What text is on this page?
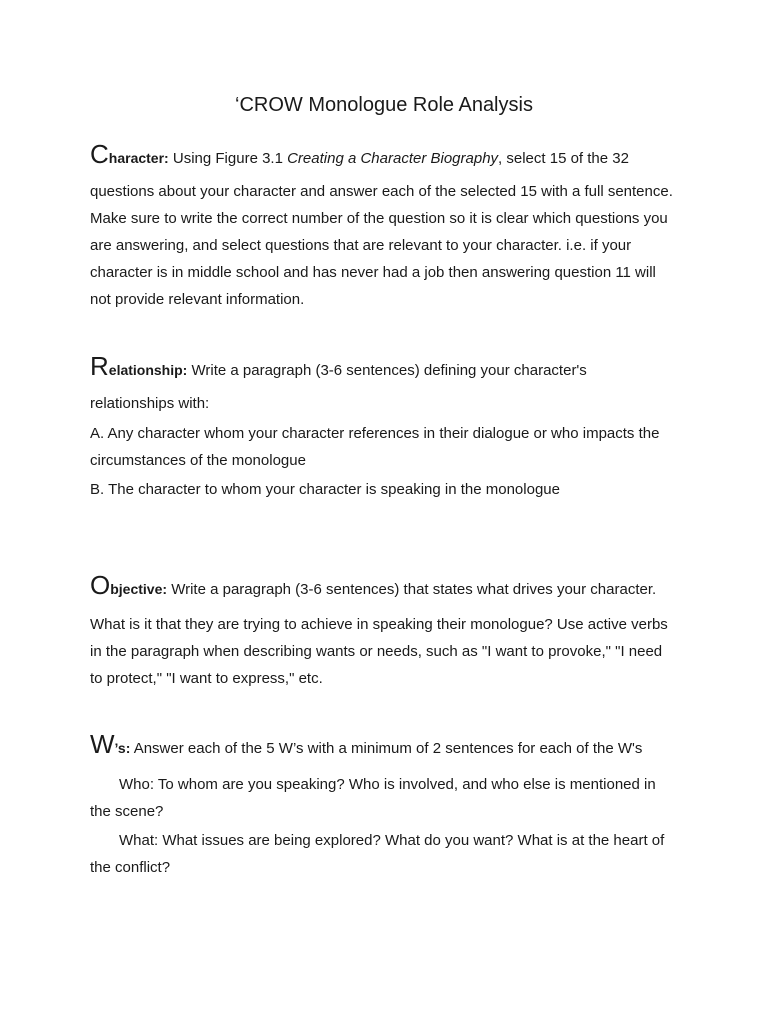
‘CROW Monologue Role Analysis
Character: Using Figure 3.1 Creating a Character Biography, select 15 of the 32
questions about your character and answer each of the selected 15 with a full sentence.
Make sure to write the correct number of the question so it is clear which questions you
are answering, and select questions that are relevant to your character. i.e. if your
character is in middle school and has never had a job then answering question 11 will
not provide relevant information.
Relationship: Write a paragraph (3-6 sentences) defining your character's
relationships with:
A. Any character whom your character references in their dialogue or who impacts the
circumstances of the monologue
B. The character to whom your character is speaking in the monologue
Objective: Write a paragraph (3-6 sentences) that states what drives your character.
What is it that they are trying to achieve in speaking their monologue? Use active verbs
in the paragraph when describing wants or needs, such as "I want to provoke," "I need
to protect," "I want to express," etc.
W’s: Answer each of the 5 W’s with a minimum of 2 sentences for each of the W's
Who: To whom are you speaking? Who is involved, and who else is mentioned in
the scene?
What: What issues are being explored? What do you want? What is at the heart of
the conflict?
